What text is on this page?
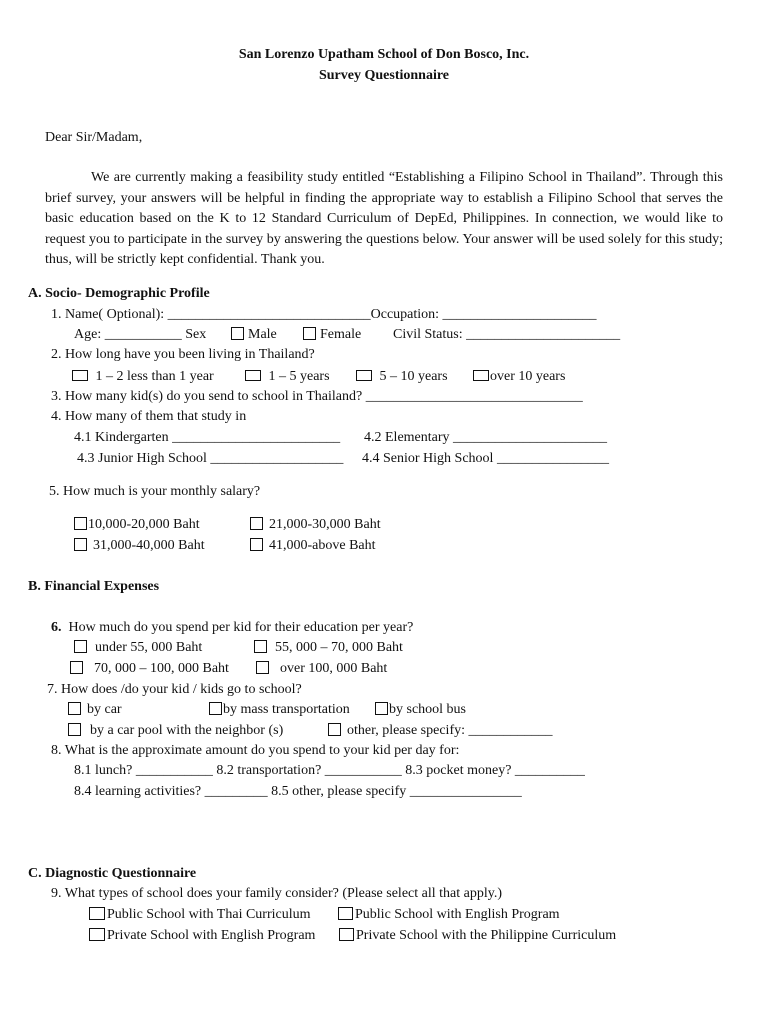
San Lorenzo Upatham School of Don Bosco, Inc.
Survey Questionnaire
Dear Sir/Madam,
We are currently making a feasibility study entitled “Establishing a Filipino School in Thailand”. Through this brief survey, your answers will be helpful in finding the appropriate way to establish a Filipino School that serves the basic education based on the K to 12 Standard Curriculum of DepEd, Philippines. In connection, we would like to request you to participate in the survey by answering the questions below. Your answer will be used solely for this study; thus, will be strictly kept confidential. Thank you.
A. Socio- Demographic Profile
1. Name( Optional): _____________________________Occupation: ______________________
Age: ___________ Sex	Male	Female Civil Status: ______________________
2. How long have you been living in Thailand?
1 – 2 less than 1 year	1 – 5 years	5 – 10 years	over 10 years
3. How many kid(s) do you send to school in Thailand? _______________________________
4. How many of them that study in
4.1 Kindergarten ________________________ 4.2 Elementary ______________________
4.3 Junior High School ___________________ 4.4 Senior High School ________________
5. How much is your monthly salary?
10,000-20,000 Baht	21,000-30,000 Baht
31,000-40,000 Baht	41,000-above Baht
B. Financial Expenses
6. How much do you spend per kid for their education per year?
under 55, 000 Baht	55, 000 – 70, 000 Baht
70, 000 – 100, 000 Baht	over 100, 000 Baht
7. How does /do your kid / kids go to school?
by car	by mass transportation	by school bus
by a car pool with the neighbor (s)	other, please specify: ____________
8. What is the approximate amount do you spend to your kid per day for:
8.1 lunch? ___________ 8.2 transportation? ___________ 8.3 pocket money? __________
8.4 learning activities? _________ 8.5 other, please specify ________________
C. Diagnostic Questionnaire
9. What types of school does your family consider? (Please select all that apply.)
Public School with Thai Curriculum	Public School with English Program
Private School with English Program	Private School with the Philippine Curriculum
